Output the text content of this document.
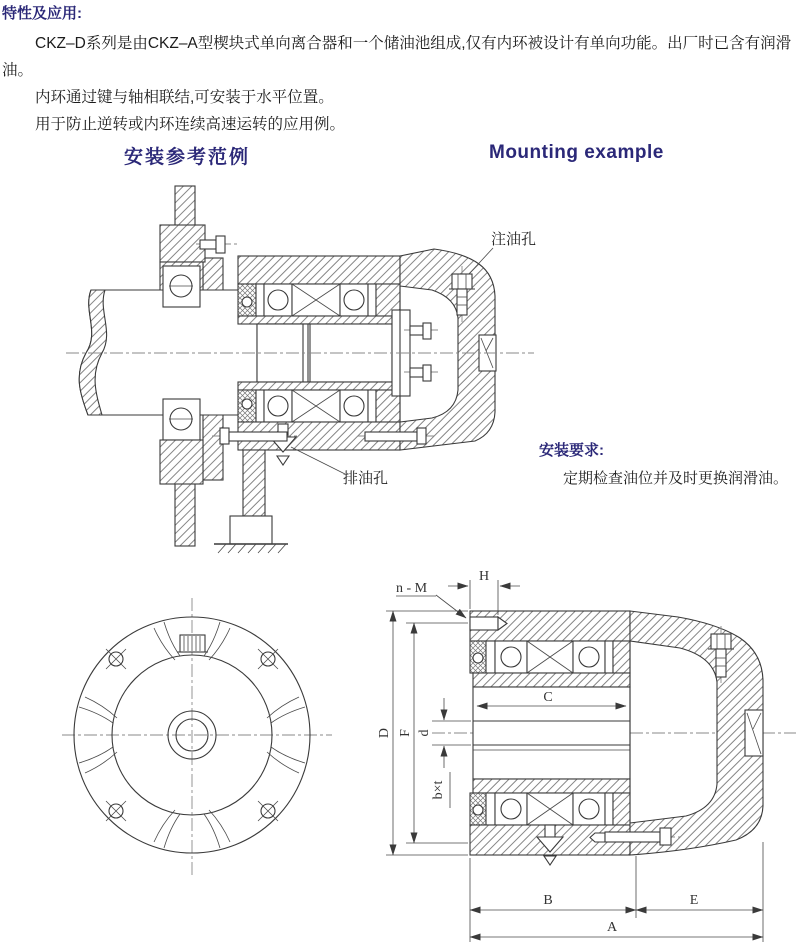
特性及应用:

CKZ–D系列是由CKZ–A型楔块式单向离合器和一个储油池组成,仅有内环被设计有单向功能。出厂时已含有润滑油。

内环通过键与轴相联结,可安装于水平位置。

用于防止逆转或内环连续高速运转的应用例。

安装参考范例	Mounting example

安装要求:

定期检查油位并及时更换润滑油。

注油孔
排油孔
D F d
b×t
H
n - M
C
B	E
A
